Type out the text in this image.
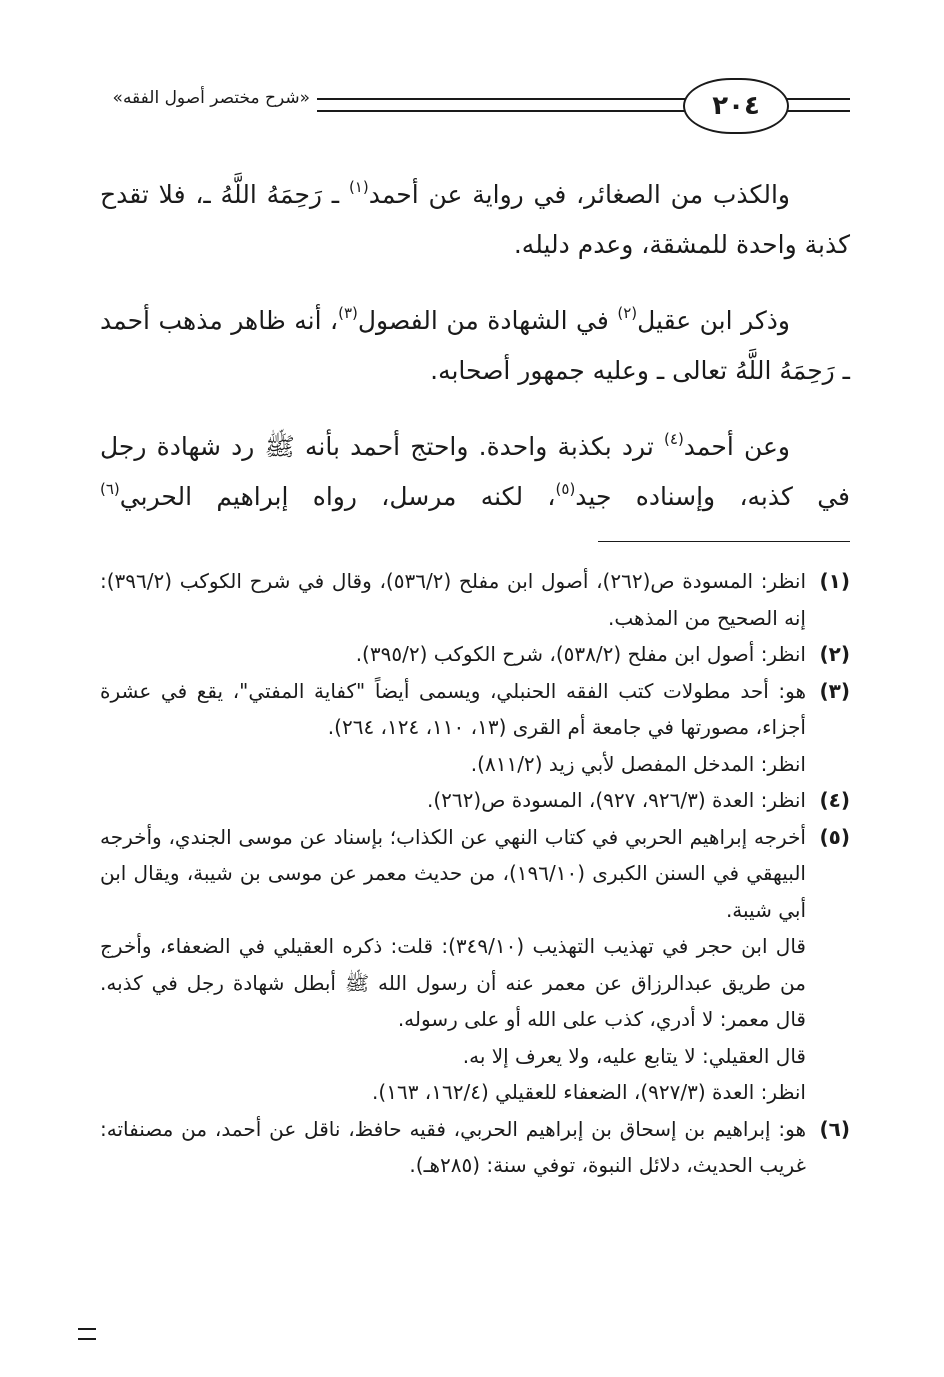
٢٠٤
«شرح مختصر أصول الفقه»

والكذب من الصغائر، في رواية عن أحمد$^{(١)}$ ـ رَحِمَهُ اللَّهُ ـ، فلا تقدح كذبة واحدة للمشقة، وعدم دليله.

وذكر ابن عقيل$^{(٢)}$ في الشهادة من الفصول$^{(٣)}$، أنه ظاهر مذهب أحمد ـ رَحِمَهُ اللَّهُ تعالى ـ وعليه جمهور أصحابه.

وعن أحمد$^{(٤)}$ ترد بكذبة واحدة. واحتج أحمد بأنه ﷺ رد شهادة رجل في كذبه، وإسناده جيد$^{(٥)}$، لكنه مرسل، رواه إبراهيم الحربي$^{(٦)}$

(١)
انظر: المسودة ص(٢٦٢)، أصول ابن مفلح (٥٣٦/٢)، وقال في شرح الكوكب (٣٩٦/٢): إنه الصحيح من المذهب.
(٢)
انظر: أصول ابن مفلح (٥٣٨/٢)، شرح الكوكب (٣٩٥/٢).
(٣)
هو: أحد مطولات كتب الفقه الحنبلي، ويسمى أيضاً "كفاية المفتي"، يقع في عشرة أجزاء، مصورتها في جامعة أم القرى (١٣، ١١٠، ١٢٤، ٢٦٤).
انظر: المدخل المفصل لأبي زيد (٨١١/٢).
(٤)
انظر: العدة (٩٢٦/٣، ٩٢٧)، المسودة ص(٢٦٢).
(٥)
أخرجه إبراهيم الحربي في كتاب النهي عن الكذاب؛ بإسناد عن موسى الجندي، وأخرجه البيهقي في السنن الكبرى (١٩٦/١٠)، من حديث معمر عن موسى بن شيبة، ويقال ابن أبي شيبة.
قال ابن حجر في تهذيب التهذيب (٣٤٩/١٠): قلت: ذكره العقيلي في الضعفاء، وأخرج من طريق عبدالرزاق عن معمر عنه أن رسول الله ﷺ أبطل شهادة رجل في كذبه. قال معمر: لا أدري، كذب على الله أو على رسوله.
قال العقيلي: لا يتابع عليه، ولا يعرف إلا به.
انظر: العدة (٩٢٧/٣)، الضعفاء للعقيلي (١٦٢/٤، ١٦٣).
(٦)
هو: إبراهيم بن إسحاق بن إبراهيم الحربي، فقيه حافظ، ناقل عن أحمد، من مصنفاته: غريب الحديث، دلائل النبوة، توفي سنة: (٢٨٥هـ).
